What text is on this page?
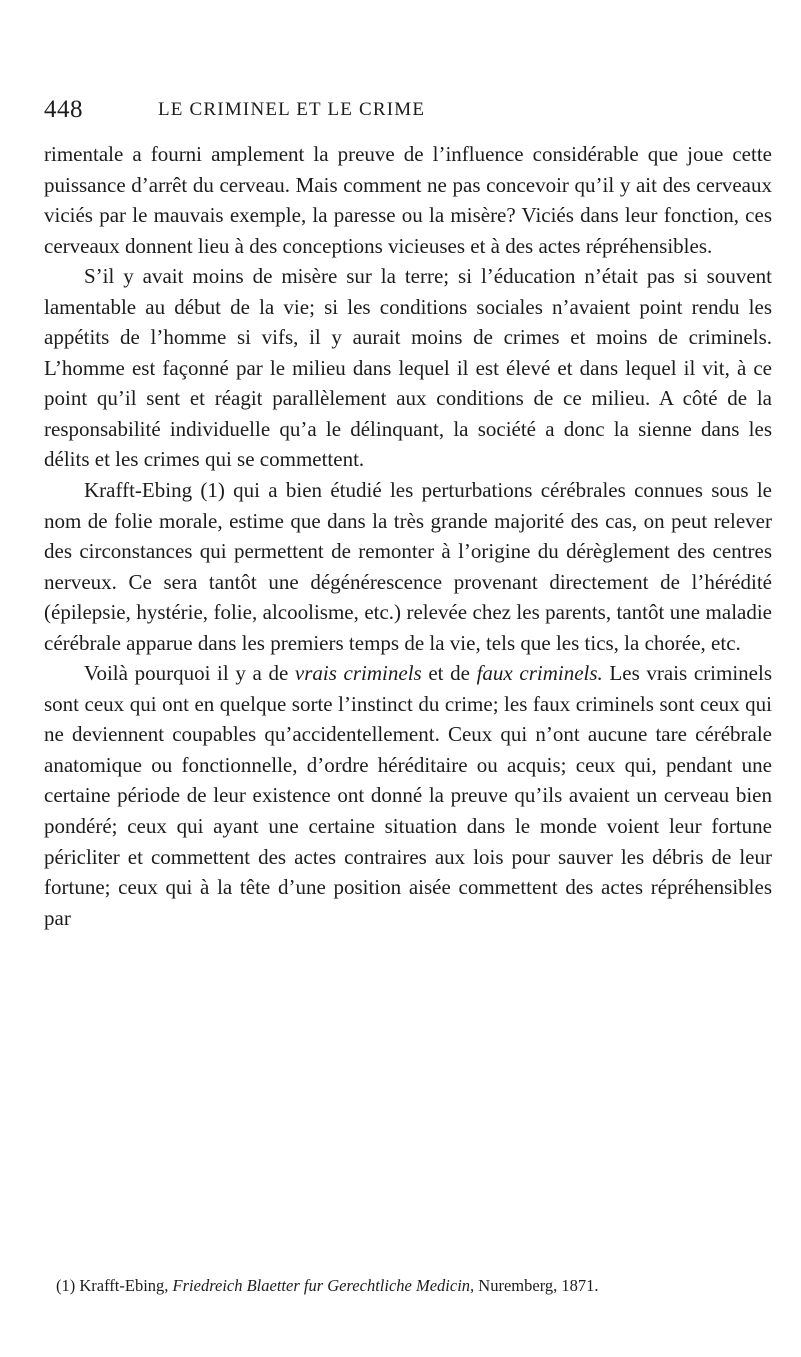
448	LE CRIMINEL ET LE CRIME

rimentale a fourni amplement la preuve de l’influence considérable que joue cette puissance d’arrêt du cerveau. Mais comment ne pas concevoir qu’il y ait des cerveaux viciés par le mauvais exemple, la paresse ou la misère? Viciés dans leur fonction, ces cerveaux donnent lieu à des conceptions vicieuses et à des actes répréhensibles.

S’il y avait moins de misère sur la terre; si l’éducation n’était pas si souvent lamentable au début de la vie; si les conditions sociales n’avaient point rendu les appétits de l’homme si vifs, il y aurait moins de crimes et moins de criminels. L’homme est façonné par le milieu dans lequel il est élevé et dans lequel il vit, à ce point qu’il sent et réagit parallèlement aux conditions de ce milieu. A côté de la responsabilité individuelle qu’a le délinquant, la société a donc la sienne dans les délits et les crimes qui se commettent.

Krafft-Ebing (1) qui a bien étudié les perturbations cérébrales connues sous le nom de folie morale, estime que dans la très grande majorité des cas, on peut relever des circonstances qui permettent de remonter à l’origine du dérèglement des centres nerveux. Ce sera tantôt une dégénérescence provenant directement de l’hérédité (épilepsie, hystérie, folie, alcoolisme, etc.) relevée chez les parents, tantôt une maladie cérébrale apparue dans les premiers temps de la vie, tels que les tics, la chorée, etc.

Voilà pourquoi il y a de vrais criminels et de faux criminels. Les vrais criminels sont ceux qui ont en quelque sorte l’instinct du crime; les faux criminels sont ceux qui ne deviennent coupables qu’accidentellement. Ceux qui n’ont aucune tare cérébrale anatomique ou fonctionnelle, d’ordre héréditaire ou acquis; ceux qui, pendant une certaine période de leur existence ont donné la preuve qu’ils avaient un cerveau bien pondéré; ceux qui ayant une certaine situation dans le monde voient leur fortune péricliter et commettent des actes contraires aux lois pour sauver les débris de leur fortune; ceux qui à la tête d’une position aisée commettent des actes répréhensibles par

(1) Krafft-Ebing, Friedreich Blaetter fur Gerechtliche Medicin, Nuremberg, 1871.
